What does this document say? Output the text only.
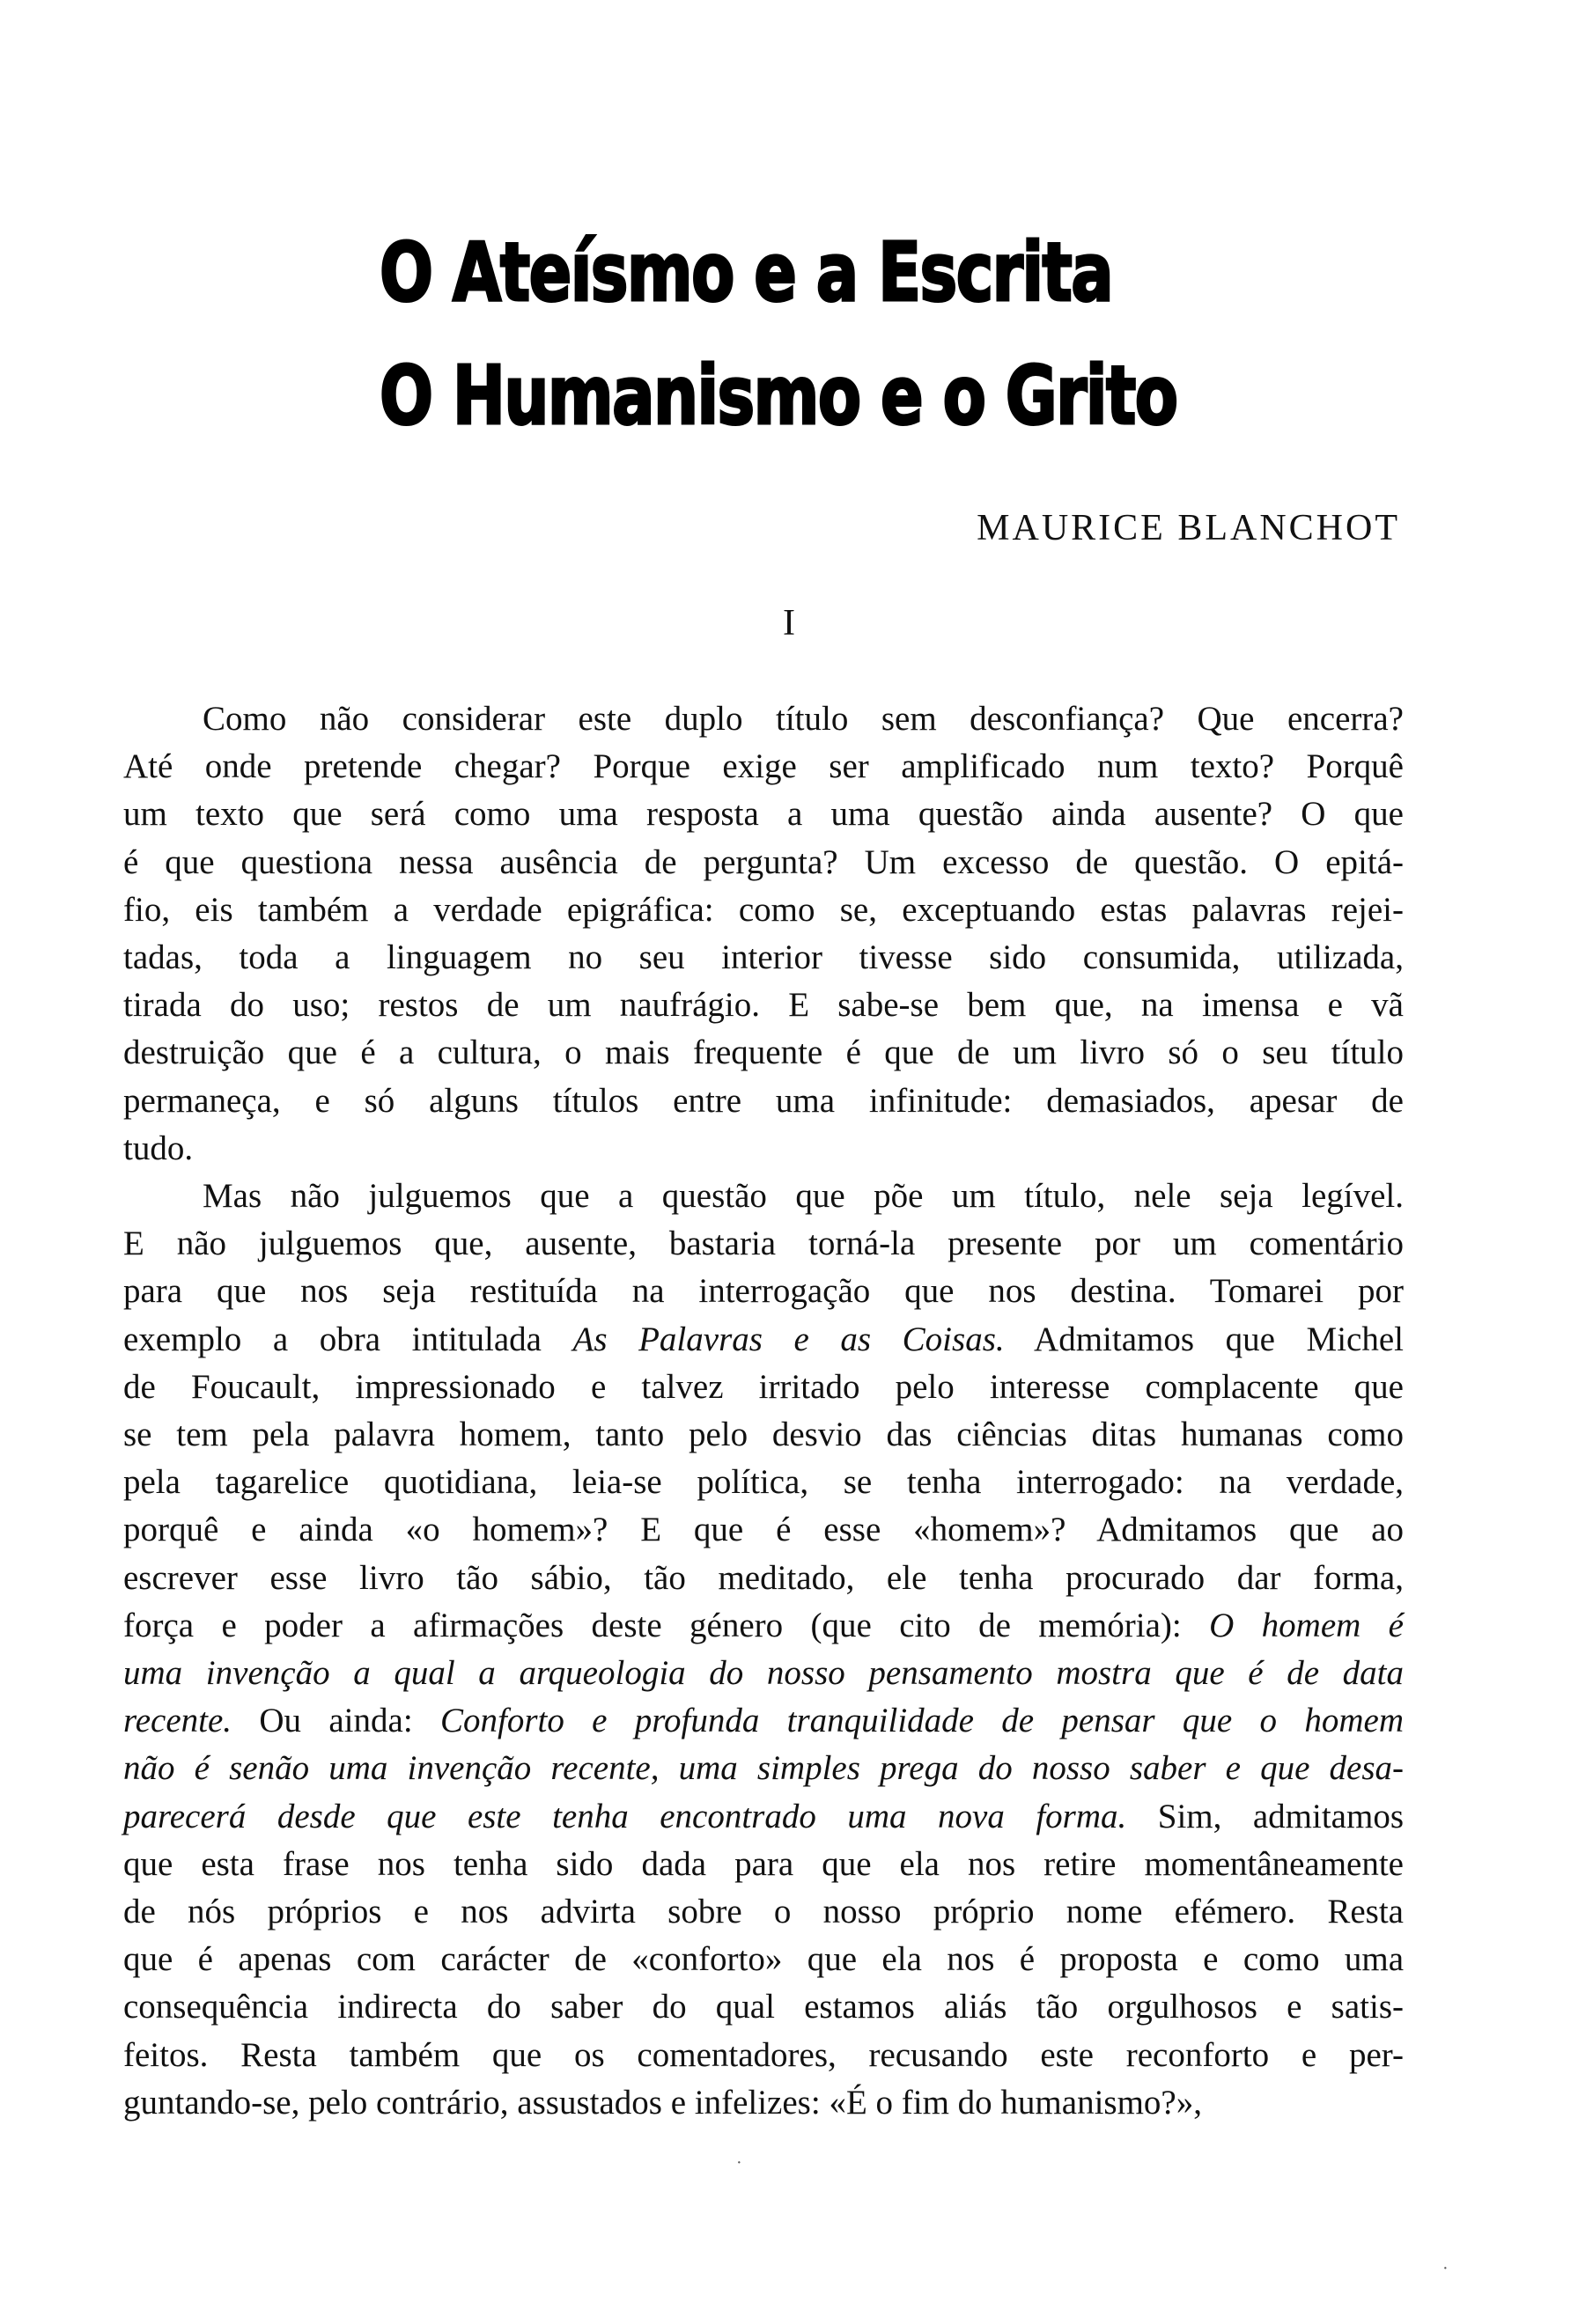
O Ateísmo e a Escrita
O Humanismo e o Grito
MAURICE BLANCHOT
I
Como não considerar este duplo título sem desconfiança? Que encerra?
Até onde pretende chegar? Porque exige ser amplificado num texto? Porquê
um texto que será como uma resposta a uma questão ainda ausente? O que
é que questiona nessa ausência de pergunta? Um excesso de questão. O epitá-
fio, eis também a verdade epigráfica: como se, exceptuando estas palavras rejei-
tadas, toda a linguagem no seu interior tivesse sido consumida, utilizada,
tirada do uso; restos de um naufrágio. E sabe-se bem que, na imensa e vã
destruição que é a cultura, o mais frequente é que de um livro só o seu título
permaneça, e só alguns títulos entre uma infinitude: demasiados, apesar de
tudo.
Mas não julguemos que a questão que põe um título, nele seja legível.
E não julguemos que, ausente, bastaria torná-la presente por um comentário
para que nos seja restituída na interrogação que nos destina. Tomarei por
exemplo a obra intitulada As Palavras e as Coisas. Admitamos que Michel
de Foucault, impressionado e talvez irritado pelo interesse complacente que
se tem pela palavra homem, tanto pelo desvio das ciências ditas humanas como
pela tagarelice quotidiana, leia-se política, se tenha interrogado: na verdade,
porquê e ainda «o homem»? E que é esse «homem»? Admitamos que ao
escrever esse livro tão sábio, tão meditado, ele tenha procurado dar forma,
força e poder a afirmações deste género (que cito de memória): O homem é
uma invenção a qual a arqueologia do nosso pensamento mostra que é de data
recente. Ou ainda: Conforto e profunda tranquilidade de pensar que o homem
não é senão uma invenção recente, uma simples prega do nosso saber e que desa-
parecerá desde que este tenha encontrado uma nova forma. Sim, admitamos
que esta frase nos tenha sido dada para que ela nos retire momentâneamente
de nós próprios e nos advirta sobre o nosso próprio nome efémero. Resta
que é apenas com carácter de «conforto» que ela nos é proposta e como uma
consequência indirecta do saber do qual estamos aliás tão orgulhosos e satis-
feitos. Resta também que os comentadores, recusando este reconforto e per-
guntando-se, pelo contrário, assustados e infelizes: «É o fim do humanismo?»,
·
·
